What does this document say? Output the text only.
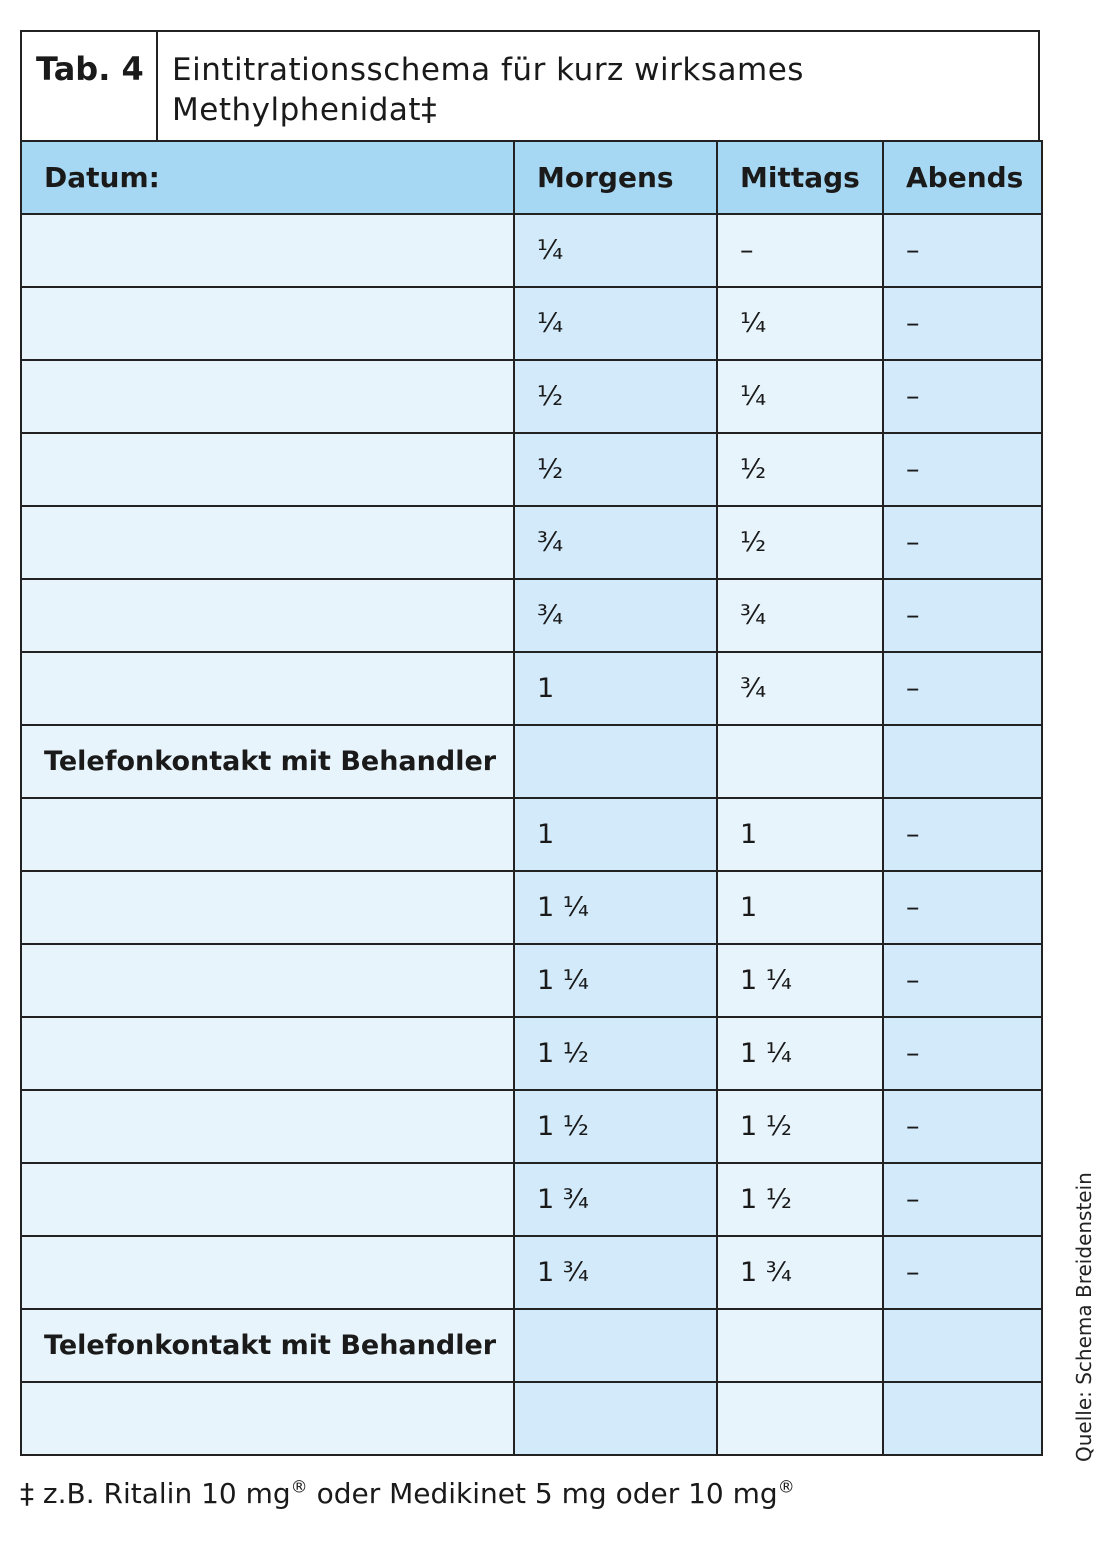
Tab. 4 Eintitrationsschema für kurz wirksames
Methylphenidat‡
Datum:	Morgens	Mittags	Abends
	¼	–	–
	¼	¼	–
	½	¼	–
	½	½	–
	¾	½	–
	¾	¾	–
	1	¾	–
Telefonkontakt mit Behandler			
	1	1	–
	1 ¼	1	–
	1 ¼	1 ¼	–
	1 ½	1 ¼	–
	1 ½	1 ½	–
	1 ¾	1 ½	–
	1 ¾	1 ¾	–
Telefonkontakt mit Behandler			

‡ z.B. Ritalin 10 mg® oder Medikinet 5 mg oder 10 mg®
Quelle: Schema Breidenstein
